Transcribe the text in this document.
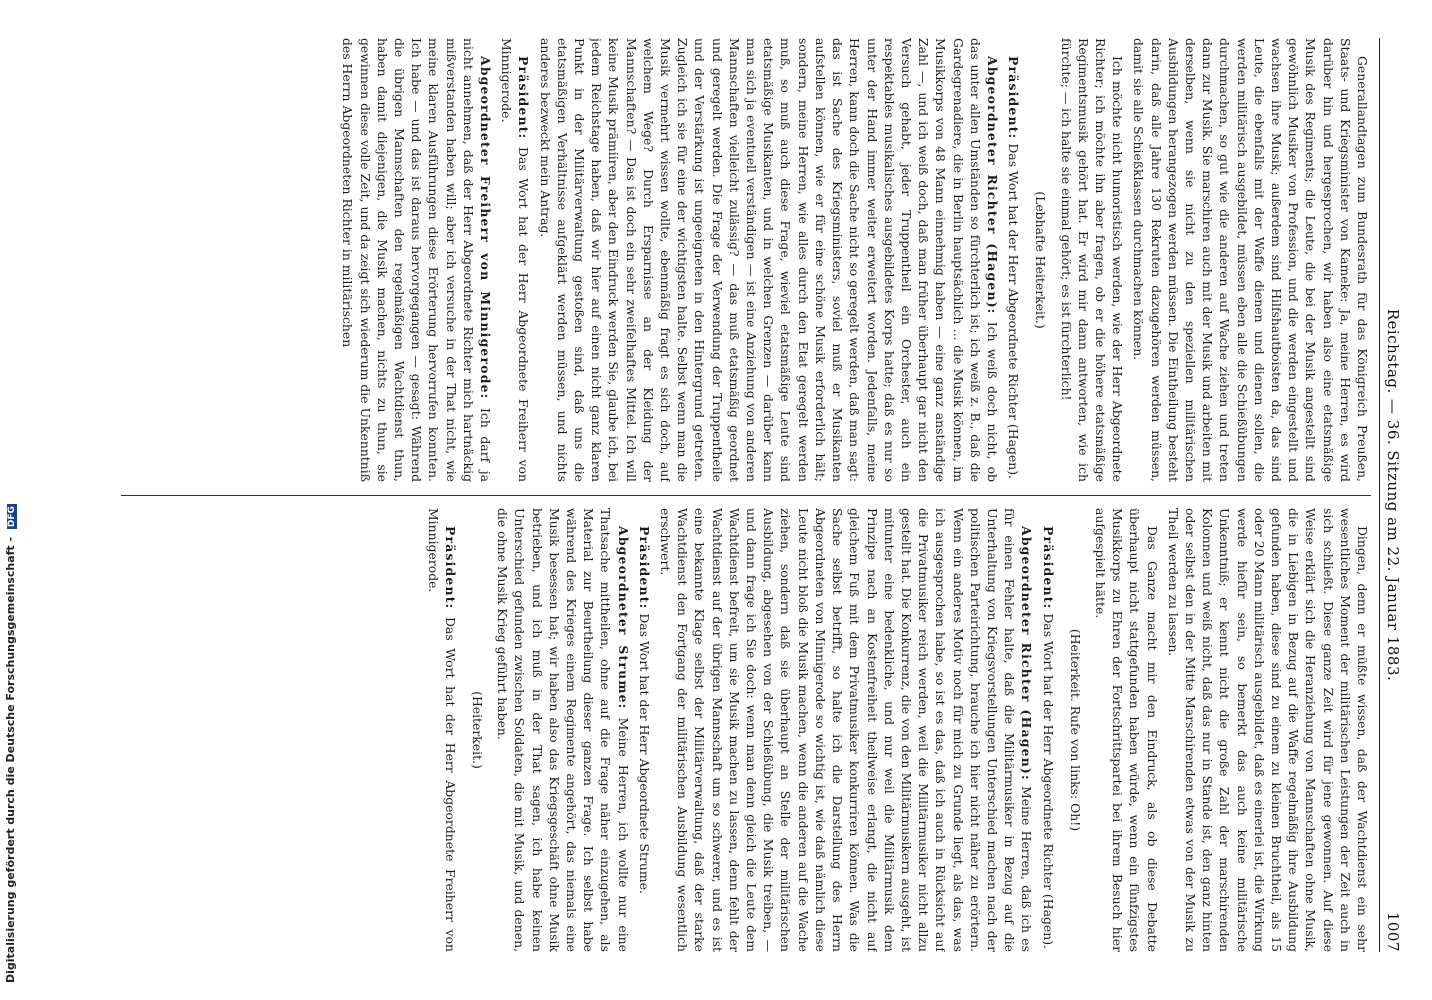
Reichstag. — 36. Sitzung am 22. Januar 1883.
1007

Generallandtagen zum Bundesrath für das Königreich Preußen, Staats- und Kriegsminister von Kameke: Ja, meine Herren, es wird darüber hin und hergesprochen, wir haben also eine etatsmäßige Musik des Regiments; die Leute, die bei der Musik angestellt sind gewöhnlich Musiker von Profession, und die werden eingestellt und wachsen ihre Musik; außerdem sind Hilfshautboisten da, das sind Leute, die ebenfalls mit der Waffe dienen und dienen sollen, die werden militärisch ausgebildet, müssen eben alle die Schießübungen durchmachen, so gut wie die anderen auf Wache ziehen und treten dann zur Musik. Sie marschiren auch mit der Musik und arbeiten mit derselben, wenn sie nicht zu den speziellen militärischen Ausbildungen herangezogen werden müssen. Die Eintheilung besteht darin, daß alle Jahre 130 Rekruten dazugehören werden müssen, damit sie alle Schießklassen durchmachen können.

Ich möchte nicht humoristisch werden, wie der Herr Abgeordnete Richter; ich möchte ihn aber fragen, ob er die höhere etatsmäßige Regimentsmusik gehört hat. Er wird mir dann antworten, wie ich fürchte; — ich halte sie einmal gehört; es ist fürchterlich!

(Lebhafte Heiterkeit.)

Präsident: Das Wort hat der Herr Abgeordnete Richter (Hagen).

Abgeordneter Richter (Hagen): Ich weiß doch nicht, ob das unter allen Umständen so fürchterlich ist; ich weiß z. B., daß die Gardegrenadiere, die in Berlin hauptsächlich ... die Musik können, im Musikkorps von 48 Mann einnehmig haben — eine ganz anständige Zahl —, und ich weiß doch, daß man früher überhaupt gar nicht den Versuch gehabt, jeder Truppentheil ein Orchester, auch ein respektables musikalisches ausgebildetes Korps hatte; daß es nur so unter der Hand immer weiter erweitert worden. Jedenfalls, meine Herren, kann doch die Sache nicht so geregelt werden, daß man sagt: das ist Sache des Kriegsministers, soviel muß er Musikanten aufstellen können, wie er für eine schöne Musik erforderlich hält; sondern, meine Herren, wie alles durch den Etat geregelt werden muß, so muß auch diese Frage, wieviel etatsmäßige Leute sind etatsmäßige Musikanten, und in welchen Grenzen — darüber kann man sich ja eventuell verständigen — ist eine Anziehung von anderen Mannschaften vielleicht zulässig? — das muß etatsmäßig geordnet und geregelt werden. Die Frage der Verwendung der Truppentheile und der Verstärkung ist ungeeigneten in den Hintergrund getreten. Zugleich ich sie für eine der wichtigsten halte. Selbst wenn man die Musik vermehrt wissen wollte, ebenmäßig fragt es sich doch, auf welchem Wege? Durch Ersparnisse an der Kleidung der Mannschaften? — Das ist doch ein sehr zweifelhaftes Mittel. Ich will keine Musik prämiiren, aber den Eindruck werden Sie, glaube ich, bei jedem Reichstage haben, daß wir hier auf einen nicht ganz klaren Punkt in der Militärverwaltung gestoßen sind, daß uns die etatsmäßigen Verhältnisse aufgeklärt werden müssen, und nichts anderes bezweckt mein Antrag.

Präsident: Das Wort hat der Herr Abgeordnete Freiherr von Minnigerode.

Abgeordneter Freiherr von Minnigerode: Ich darf ja nicht annehmen, daß der Herr Abgeordnete Richter mich hartnäckig mißverstanden haben will; aber ich versuche in der That nicht, wie meine klaren Ausführungen diese Erörterung hervorrufen konnten. Ich habe — und das ist daraus hervorgegangen — gesagt: Während die übrigen Mannschaften den regelmäßigen Wachtdienst thun, haben damit diejenigen, die Musik machen, nichts zu thun, sie gewinnen diese volle Zeit, und da zeigt sich wiederum die Unkenntniß des Herrn Abgeordneten Richter in militärischen

Dingen, denn er müßte wissen, daß der Wachtdienst ein sehr wesentliches Moment der militärischen Leistungen der Zeit auch in sich schließt. Diese ganze Zeit wird für jene gewonnen. Auf diese Weise erklärt sich die Heranziehung von Mannschaften ohne Musik, die in Liebigen in Bezug auf die Waffe regelmäßig ihre Ausbildung gefunden haben, diese sind zu einem zu kleinen Bruchtheil, als 15 oder 20 Mann militärisch ausgebildet, daß es einerlei ist, die Wirkung werde hiefür sein, so bemerkt das auch keine militärische Unkenntniß; er kennt nicht die große Zahl der marschirenden Kolonnen und weiß nicht, daß das nur in Stande ist, den ganz hinten oder selbst den in der Mitte Marschirenden etwas von der Musik zu Theil werden zu lassen.

Das Ganze macht mir den Eindruck, als ob diese Debatte überhaupt nicht stattgefunden haben würde, wenn ein fünfzigstes Musikkorps zu Ehren der Fortschrittspartei bei ihrem Besuch hier aufgespielt hätte.

(Heiterkeit. Rufe von links: Oh!)

Präsident: Das Wort hat der Herr Abgeordnete Richter (Hagen).

Abgeordneter Richter (Hagen): Meine Herren, daß ich es für einen Fehler halte, daß die Militärmusiker in Bezug auf die Unterhaltung von Kriegsvorstellungen Unterschied machen nach der politischen Parteirichtung, brauche ich hier nicht näher zu erörtern. Wenn ein anderes Motiv noch für mich zu Grunde liegt, als das, was ich ausgesprochen habe, so ist es das, daß ich auch in Rücksicht auf die Privatmusiker reich werden, weil die Militärmusiker nicht allzu gestellt hat. Die Konkurrenz, die von den Militärmusikern ausgeht, ist mitunter eine bedenkliche, und nur weil die Militärmusik dem Prinzipe nach an Kostenfreiheit theilweise erlangt, die nicht auf gleichem Fuß mit dem Privatmusiker konkurriren können. Was die Sache selbst betrifft, so halte ich die Darstellung des Herrn Abgeordneten von Minnigerode so wichtig ist, wie daß nämlich diese Leute nicht bloß die Musik machen, wenn die anderen auf die Wache ziehen, sondern daß sie überhaupt an Stelle der militärischen Ausbildung, abgesehen von der Schießübung, die Musik treiben, — und dann frage ich Sie doch: wenn man denn gleich die Leute dem Wachtdienst befreit, um sie Musik machen zu lassen, denn fehlt der Wachtdienst auf der übrigen Mannschaft um so schwerer, und es ist eine bekannte Klage selbst der Militärverwaltung, daß der starke Wachtdienst den Fortgang der militärischen Ausbildung wesentlich erschwert.

Präsident: Das Wort hat der Herr Abgeordnete Strume.

Abgeordneter Strume: Meine Herren, ich wollte nur eine Thatsache mittheilen, ohne auf die Frage näher einzugehen, als Material zur Beurtheilung dieser ganzen Frage. Ich selbst habe während des Krieges einem Regimente angehört, das niemals eine Musik besessen hat; wir haben also das Kriegsgeschäft ohne Musik betrieben, und ich muß in der That sagen, ich habe keinen Unterschied gefunden zwischen Soldaten, die mit Musik, und denen, die ohne Musik Krieg geführt haben.

(Heiterkeit.)

Präsident: Das Wort hat der Herr Abgeordnete Freiherr von Minnigerode.

Digitalisierung gefördert durch die Deutsche Forschungsgemeinschaft - DFG
